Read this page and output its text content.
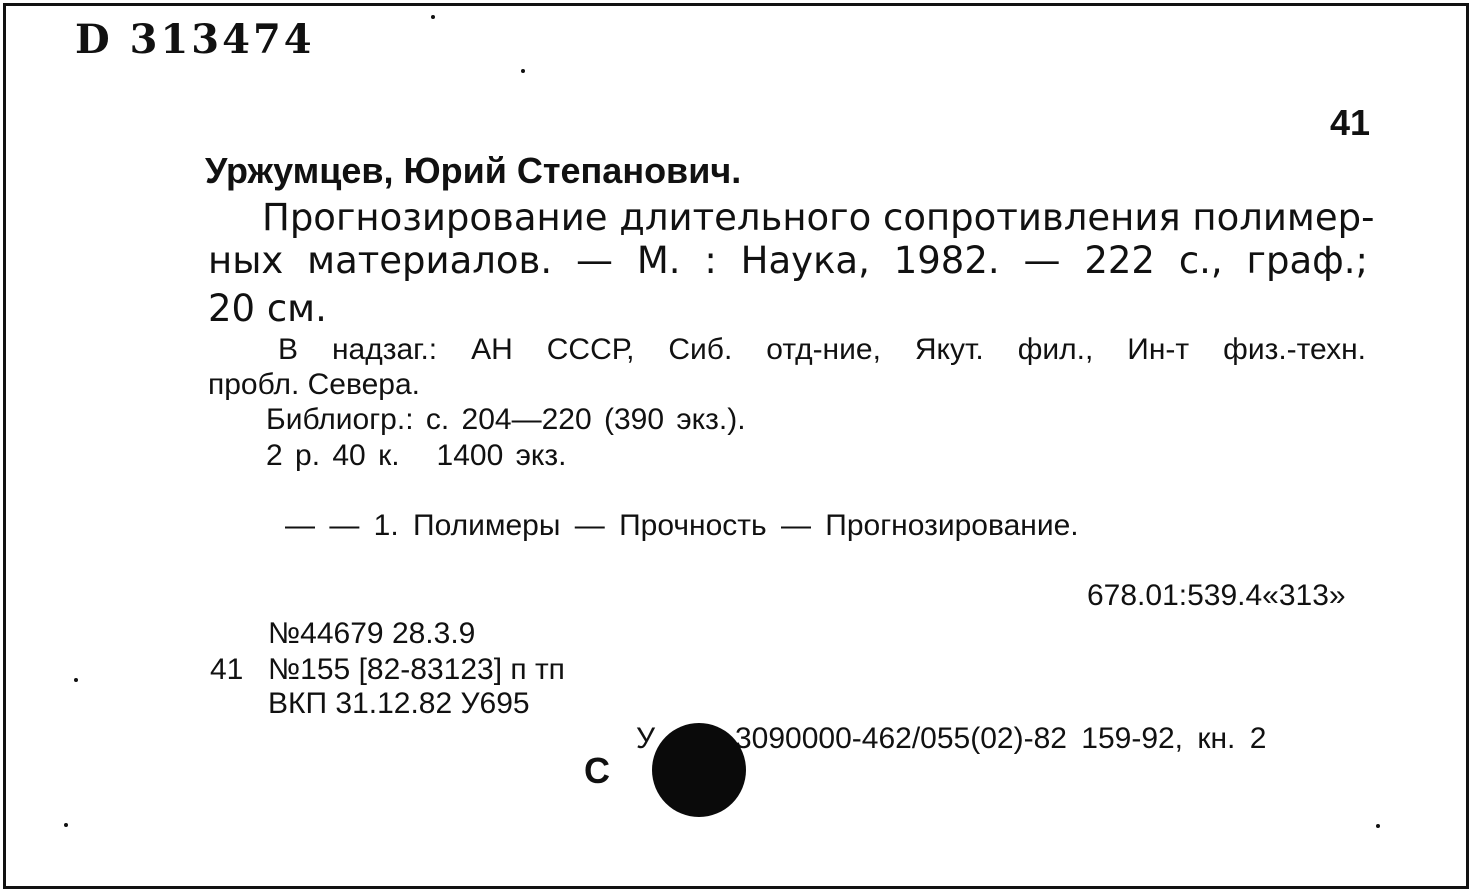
D 313474
41
Уржумцев, Юрий Степанович.
Прогнозирование длительного сопротивления полимер-
ных материалов. — М. : Наука, 1982. — 222 с., граф.;
20 см.
В надзаг.: АН СССР, Сиб. отд-ние, Якут. фил., Ин-т физ.-техн.
пробл. Севера.
Библиогр.: с. 204—220 (390 экз.).
2 р. 40 к.   1400 экз.
— — 1. Полимеры — Прочность — Прогнозирование.
678.01:539.4«313»
№44679 28.3.9
41 №155 [82-83123] п тп
ВКП 31.12.82 У695
У	3090000-462/055(02)-82 159-92, кн. 2
С
